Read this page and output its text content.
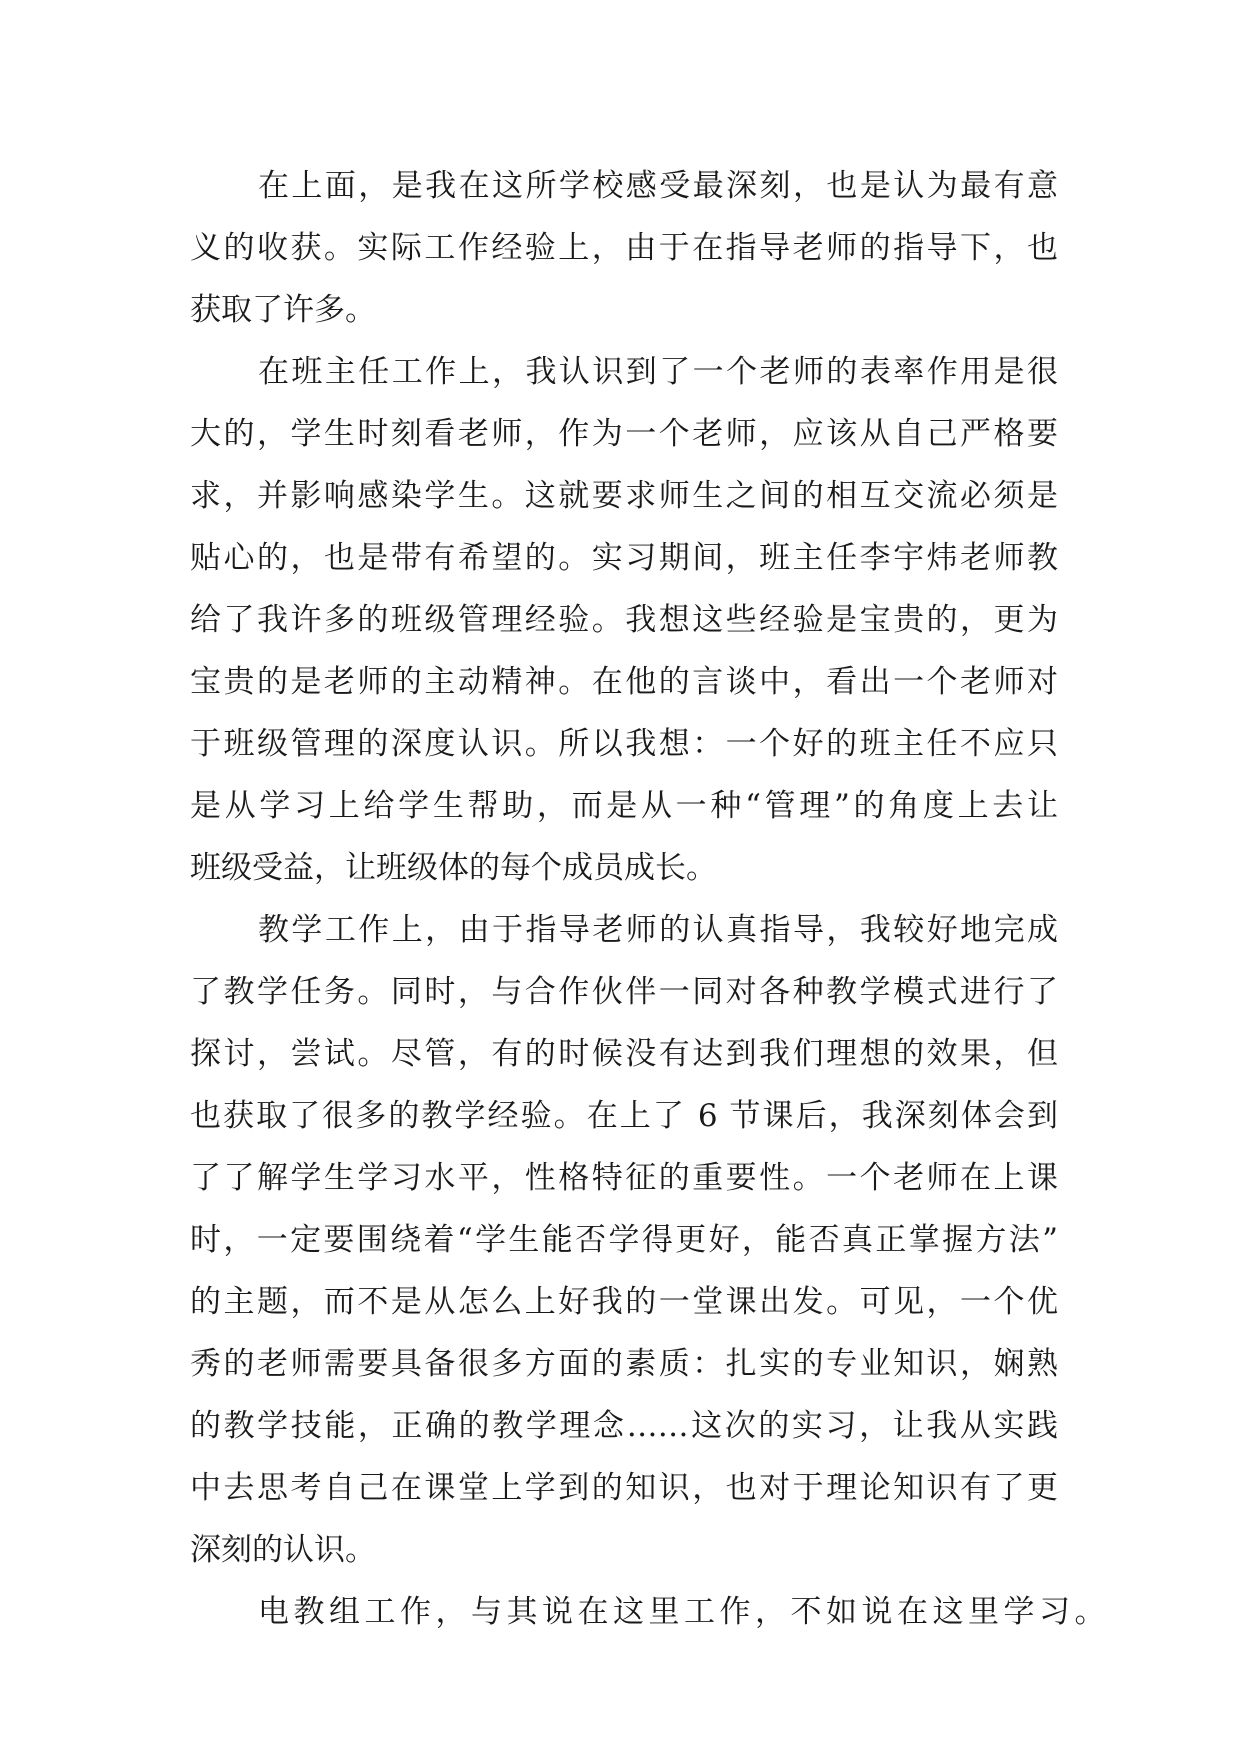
在上面，是我在这所学校感受最深刻，也是认为最有意

义的收获。实际工作经验上，由于在指导老师的指导下，也

获取了许多。

在班主任工作上，我认识到了一个老师的表率作用是很

大的，学生时刻看老师，作为一个老师，应该从自己严格要

求，并影响感染学生。这就要求师生之间的相互交流必须是

贴心的，也是带有希望的。实习期间，班主任李宇炜老师教

给了我许多的班级管理经验。我想这些经验是宝贵的，更为

宝贵的是老师的主动精神。在他的言谈中，看出一个老师对

于班级管理的深度认识。所以我想：一个好的班主任不应只

是从学习上给学生帮助，而是从一种“管理”的角度上去让

班级受益，让班级体的每个成员成长。

教学工作上，由于指导老师的认真指导，我较好地完成

了教学任务。同时，与合作伙伴一同对各种教学模式进行了

探讨，尝试。尽管，有的时候没有达到我们理想的效果，但

也获取了很多的教学经验。在上了 6 节课后，我深刻体会到

了了解学生学习水平，性格特征的重要性。一个老师在上课

时，一定要围绕着“学生能否学得更好，能否真正掌握方法”

的主题，而不是从怎么上好我的一堂课出发。可见，一个优

秀的老师需要具备很多方面的素质：扎实的专业知识，娴熟

的教学技能，正确的教学理念……这次的实习，让我从实践

中去思考自己在课堂上学到的知识，也对于理论知识有了更

深刻的认识。

电教组工作，与其说在这里工作，不如说在这里学习。
